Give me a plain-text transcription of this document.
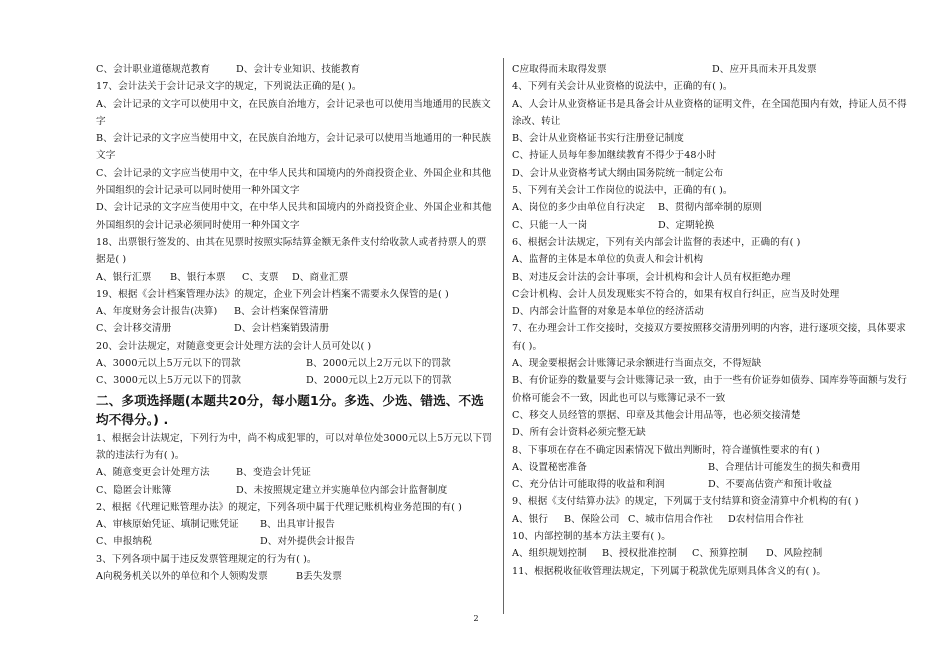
C、会计职业道德规范教育	D、会计专业知识、技能教育
17、会计法关于会计记录文字的规定，下列说法正确的是( )。
A、会计记录的文字可以使用中文，在民族自治地方，会计记录也可以使用当地通用的民族文字
B、会计记录的文字应当使用中文，在民族自治地方，会计记录可以使用当地通用的一种民族文字
C、会计记录的文字应当使用中文，在中华人民共和国境内的外商投资企业、外国企业和其他外国组织的会计记录可以同时使用一种外国文字
D、会计记录的文字应当使用中文，在中华人民共和国境内的外商投资企业、外国企业和其他外国组织的会计记录必须同时使用一种外国文字
18、出票银行签发的、由其在见票时按照实际结算金额无条件支付给收款人或者持票人的票据是( )
A、银行汇票	B、银行本票	C、支票	D、商业汇票
19、根据《会计档案管理办法》的规定，企业下列会计档案不需要永久保管的是( )
A、年度财务会计报告(决算)	B、会计档案保管清册
C、会计移交清册	D、会计档案销毁清册
20、会计法规定，对随意变更会计处理方法的会计人员可处以( )
A、3000元以上5万元以下的罚款	B、2000元以上2万元以下的罚款
C、3000元以上5万元以下的罚款	D、2000元以上2万元以下的罚款
二、多项选择题(本题共20分，每小题1分。多选、少选、错选、不选均不得分。) .
1、根据会计法规定，下列行为中，尚不构成犯罪的，可以对单位处3000元以上5万元以下罚款的违法行为有( )。
A、随意变更会计处理方法	B、变造会计凭证
C、隐匿会计账簿	D、未按照规定建立并实施单位内部会计监督制度
2、根据《代理记账管理办法》的规定，下列各项中属于代理记账机构业务范围的有( )
A、审核原始凭证、填制记账凭证	B、出具审计报告
C、申报纳税	D、对外提供会计报告
3、下列各项中属于违反发票管理规定的行为有( )。
A向税务机关以外的单位和个人领购发票	B丢失发票
C应取得而未取得发票	D、应开具而未开具发票
4、下列有关会计从业资格的说法中，正确的有( )。
A、人会计从业资格证书是具备会计从业资格的证明文件，在全国范围内有效，持证人员不得涂改、转让
B、会计从业资格证书实行注册登记制度
C、持证人员每年参加继续教育不得少于48小时
D、会计从业资格考试大纲由国务院统一制定公布
5、下列有关会计工作岗位的说法中，正确的有( )。
A、岗位的多少由单位自行决定	B、贯彻内部牵制的原则
C、只能一人一岗	D、定期轮换
6、根据会计法规定，下列有关内部会计监督的表述中，正确的有( )
A、监督的主体是本单位的负责人和会计机构
B、对违反会计法的会计事项，会计机构和会计人员有权拒绝办理
C会计机构、会计人员发现账实不符合的，如果有权自行纠正，应当及时处理
D、内部会计监督的对象是本单位的经济活动
7、在办理会计工作交接时，交接双方要按照移交清册列明的内容，进行逐项交接，具体要求有( )。
A、现金要根据会计账簿记录余额进行当面点交，不得短缺
B、有价证券的数量要与会计账簿记录一致，由于一些有价证券如债券、国库券等面额与发行价格可能会不一致，因此也可以与账簿记录不一致
C、移交人员经管的票据、印章及其他会计用品等，也必须交接清楚
D、所有会计资料必须完整无缺
8、下事项在存在不确定因素情况下做出判断时，符合谨慎性要求的有( )
A、设置秘密准备	B、合理估计可能发生的损失和费用
C、充分估计可能取得的收益和利润	D、不要高估资产和预计收益
9、根据《支付结算办法》的规定，下列属于支付结算和资金清算中介机构的有( )
A、银行	B、保险公司 C、城市信用合作社	D农村信用合作社
10、内部控制的基本方法主要有( )。
A、组织规划控制	B、授权批准控制	C、预算控制	D、风险控制
11、根据税收征收管理法规定，下列属于税款优先原则具体含义的有( )。
2
